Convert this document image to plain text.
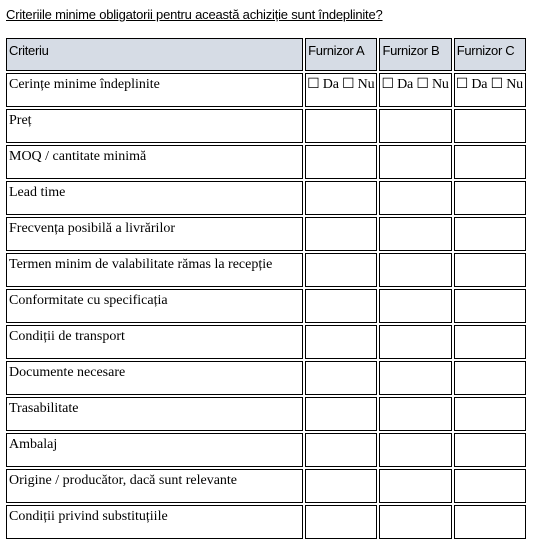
Criteriile minime obligatorii pentru această achiziție sunt îndeplinite?
Criteriu	Furnizor A	Furnizor B	Furnizor C
Cerințe minime îndeplinite	☐ Da ☐ Nu	☐ Da ☐ Nu	☐ Da ☐ Nu
Preț			
MOQ / cantitate minimă			
Lead time			
Frecvența posibilă a livrărilor			
Termen minim de valabilitate rămas la recepție			
Conformitate cu specificația			
Condiții de transport			
Documente necesare			
Trasabilitate			
Ambalaj			
Origine / producător, dacă sunt relevante			
Condiții privind substituțiile			
